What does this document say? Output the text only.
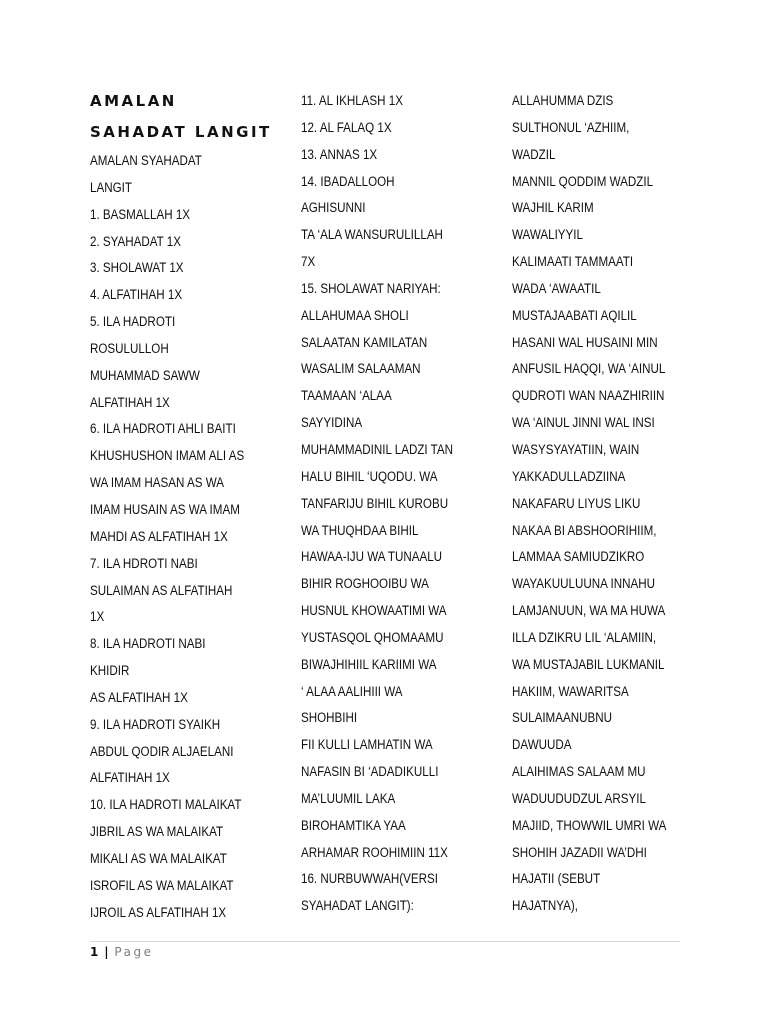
AMALAN
SAHADAT LANGIT
AMALAN SYAHADAT
LANGIT
1. BASMALLAH 1X
2. SYAHADAT 1X
3. SHOLAWAT 1X
4. ALFATIHAH 1X
5. ILA HADROTI
ROSULULLOH
MUHAMMAD SAWW
ALFATIHAH 1X
6. ILA HADROTI AHLI BAITI
KHUSHUSHON IMAM ALI AS
WA IMAM HASAN AS WA
IMAM HUSAIN AS WA IMAM
MAHDI AS ALFATIHAH 1X
7. ILA HDROTI NABI
SULAIMAN AS ALFATIHAH
1X
8. ILA HADROTI NABI
KHIDIR
AS ALFATIHAH 1X
9. ILA HADROTI SYAIKH
ABDUL QODIR ALJAELANI
ALFATIHAH 1X
10. ILA HADROTI MALAIKAT
JIBRIL AS WA MALAIKAT
MIKALI AS WA MALAIKAT
ISROFIL AS WA MALAIKAT
IJROIL AS ALFATIHAH 1X
11. AL IKHLASH 1X
12. AL FALAQ 1X
13. ANNAS 1X
14. IBADALLOOH
AGHISUNNI
TA ‘ALA WANSURULILLAH
7X
15. SHOLAWAT NARIYAH:
ALLAHUMAA SHOLI
SALAATAN KAMILATAN
WASALIM SALAAMAN
TAAMAAN ‘ALAA
SAYYIDINA
MUHAMMADINIL LADZI TAN
HALU BIHIL ‘UQODU. WA
TANFARIJU BIHIL KUROBU
WA THUQHDAA BIHIL
HAWAA-IJU WA TUNAALU
BIHIR ROGHOOIBU WA
HUSNUL KHOWAATIMI WA
YUSTASQOL QHOMAAMU
BIWAJHIHIIL KARIIMI WA
‘ ALAA AALIHIII WA
SHOHBIHI
FII KULLI LAMHATIN WA
NAFASIN BI ‘ADADIKULLI
MA’LUUMIL LAKA
BIROHAMTIKA YAA
ARHAMAR ROOHIMIIN 11X
16. NURBUWWAH(VERSI
SYAHADAT LANGIT):
ALLAHUMMA DZIS
SULTHONUL ‘AZHIIM,
WADZIL
MANNIL QODDIM WADZIL
WAJHIL KARIM
WAWALIYYIL
KALIMAATI TAMMAATI
WADA ‘AWAATIL
MUSTAJAABATI AQILIL
HASANI WAL HUSAINI MIN
ANFUSIL HAQQI, WA ‘AINUL
QUDROTI WAN NAAZHIRIIN
WA ‘AINUL JINNI WAL INSI
WASYSYAYATIIN, WAIN
YAKKADULLADZIINA
NAKAFARU LIYUS LIKU
NAKAA BI ABSHOORIHIIM,
LAMMAA SAMIUDZIKRO
WAYAKUULUUNA INNAHU
LAMJANUUN, WA MA HUWA
ILLA DZIKRU LIL ‘ALAMIIN,
WA MUSTAJABIL LUKMANIL
HAKIIM, WAWARITSA
SULAIMAANUBNU
DAWUUDA
ALAIHIMAS SALAAM MU
WADUUDUDZUL ARSYIL
MAJIID, THOWWIL UMRI WA
SHOHIH JAZADII WA’DHI
HAJATII (SEBUT
HAJATNYA),
1 | Page
